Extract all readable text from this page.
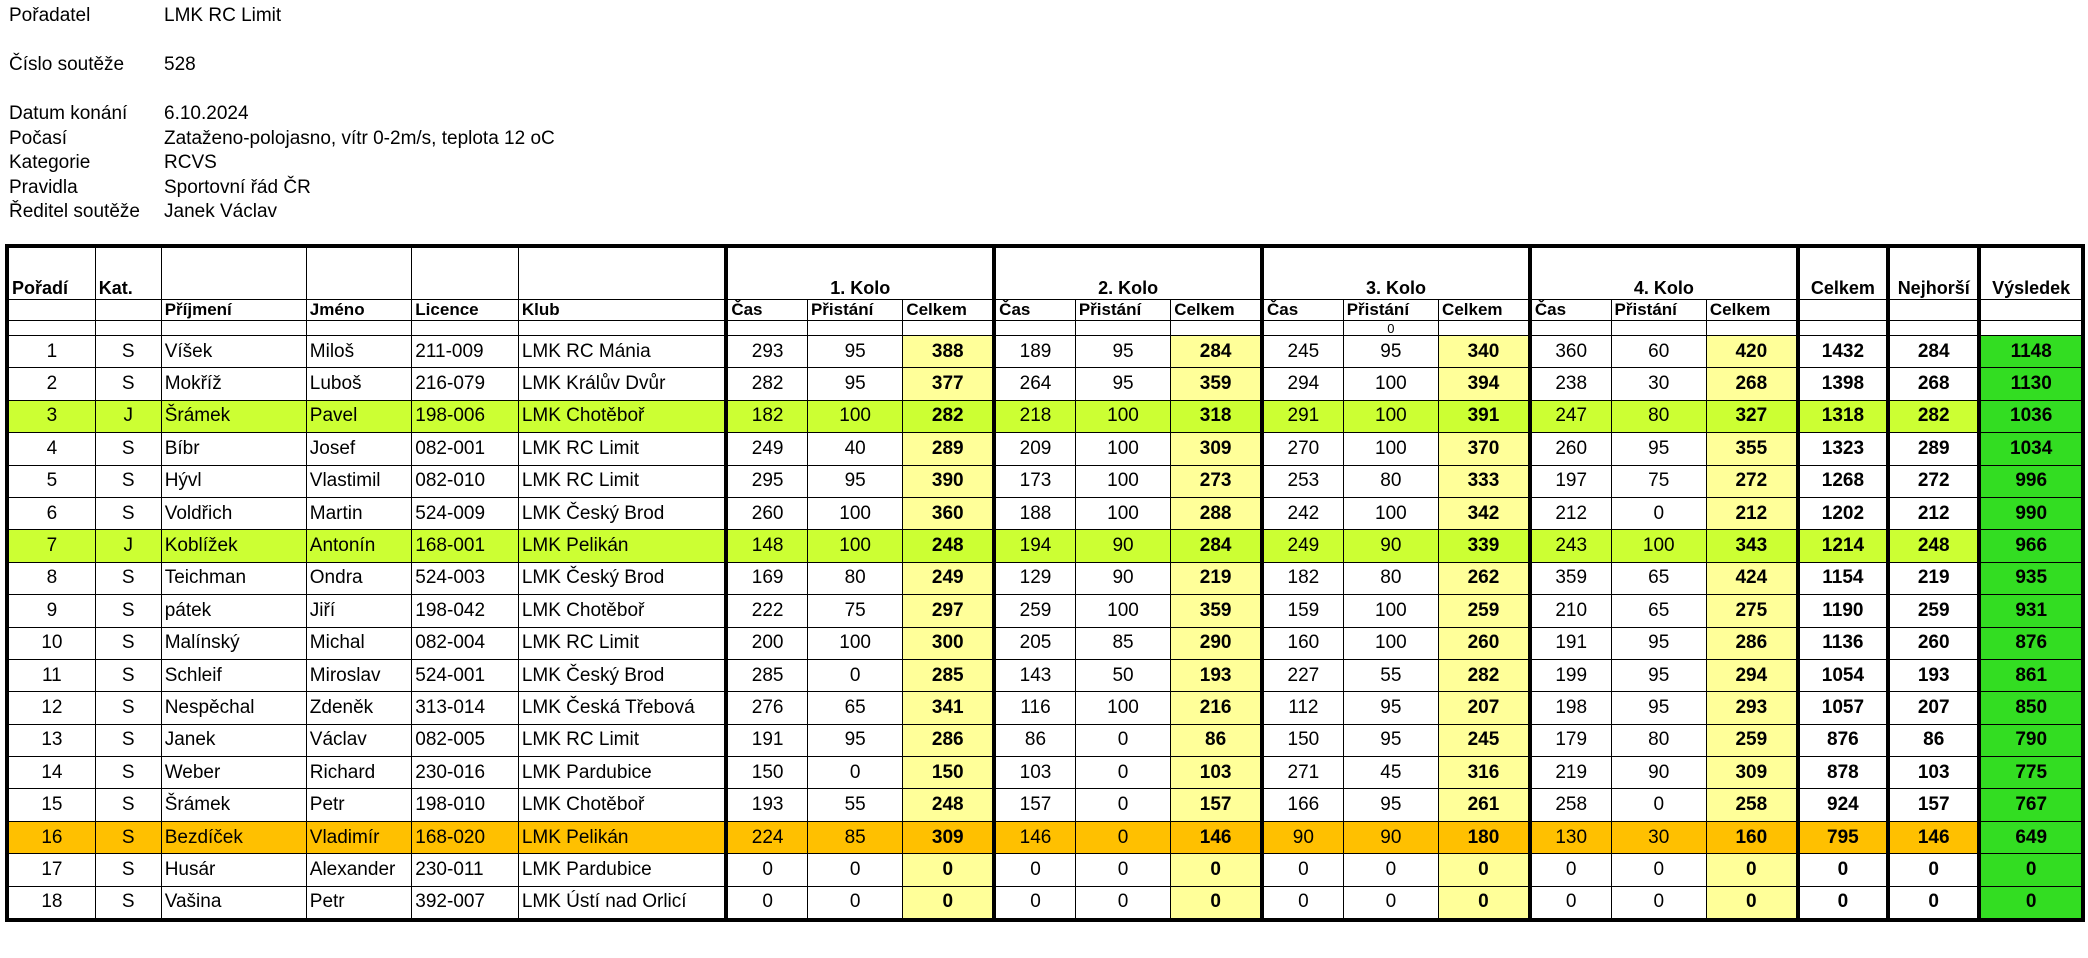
Pořadatel	LMK RC Limit
Číslo soutěže	528
Datum konání	6.10.2024
Počasí	Zataženo-polojasno, vítr 0-2m/s, teplota 12 oC
Kategorie	RCVS
Pravidla	Sportovní řád ČR
Ředitel soutěže	Janek Václav
Pořadí	Kat.					1. Kolo			2. Kolo			3. Kolo			4. Kolo			Celkem	Nejhorší	Výsledek
		Příjmení	Jméno	Licence	Klub	Čas	Přistání	Celkem	Čas	Přistání	Celkem	Čas	Přistání	Celkem	Čas	Přistání	Celkem			
													0							
1	S	Víšek	Miloš	211-009	LMK RC Mánia	293	95	388	189	95	284	245	95	340	360	60	420	1432	284	1148
2	S	Mokříž	Luboš	216-079	LMK Králův Dvůr	282	95	377	264	95	359	294	100	394	238	30	268	1398	268	1130
3	J	Šrámek	Pavel	198-006	LMK Chotěboř	182	100	282	218	100	318	291	100	391	247	80	327	1318	282	1036
4	S	Bíbr	Josef	082-001	LMK RC Limit	249	40	289	209	100	309	270	100	370	260	95	355	1323	289	1034
5	S	Hývl	Vlastimil	082-010	LMK RC Limit	295	95	390	173	100	273	253	80	333	197	75	272	1268	272	996
6	S	Voldřich	Martin	524-009	LMK Český Brod	260	100	360	188	100	288	242	100	342	212	0	212	1202	212	990
7	J	Koblížek	Antonín	168-001	LMK Pelikán	148	100	248	194	90	284	249	90	339	243	100	343	1214	248	966
8	S	Teichman	Ondra	524-003	LMK Český Brod	169	80	249	129	90	219	182	80	262	359	65	424	1154	219	935
9	S	pátek	Jiří	198-042	LMK Chotěboř	222	75	297	259	100	359	159	100	259	210	65	275	1190	259	931
10	S	Malínský	Michal	082-004	LMK RC Limit	200	100	300	205	85	290	160	100	260	191	95	286	1136	260	876
11	S	Schleif	Miroslav	524-001	LMK Český Brod	285	0	285	143	50	193	227	55	282	199	95	294	1054	193	861
12	S	Nespěchal	Zdeněk	313-014	LMK Česká Třebová	276	65	341	116	100	216	112	95	207	198	95	293	1057	207	850
13	S	Janek	Václav	082-005	LMK RC Limit	191	95	286	86	0	86	150	95	245	179	80	259	876	86	790
14	S	Weber	Richard	230-016	LMK Pardubice	150	0	150	103	0	103	271	45	316	219	90	309	878	103	775
15	S	Šrámek	Petr	198-010	LMK Chotěboř	193	55	248	157	0	157	166	95	261	258	0	258	924	157	767
16	S	Bezdíček	Vladimír	168-020	LMK Pelikán	224	85	309	146	0	146	90	90	180	130	30	160	795	146	649
17	S	Husár	Alexander	230-011	LMK Pardubice	0	0	0	0	0	0	0	0	0	0	0	0	0	0	0
18	S	Vašina	Petr	392-007	LMK Ústí nad Orlicí	0	0	0	0	0	0	0	0	0	0	0	0	0	0	0
